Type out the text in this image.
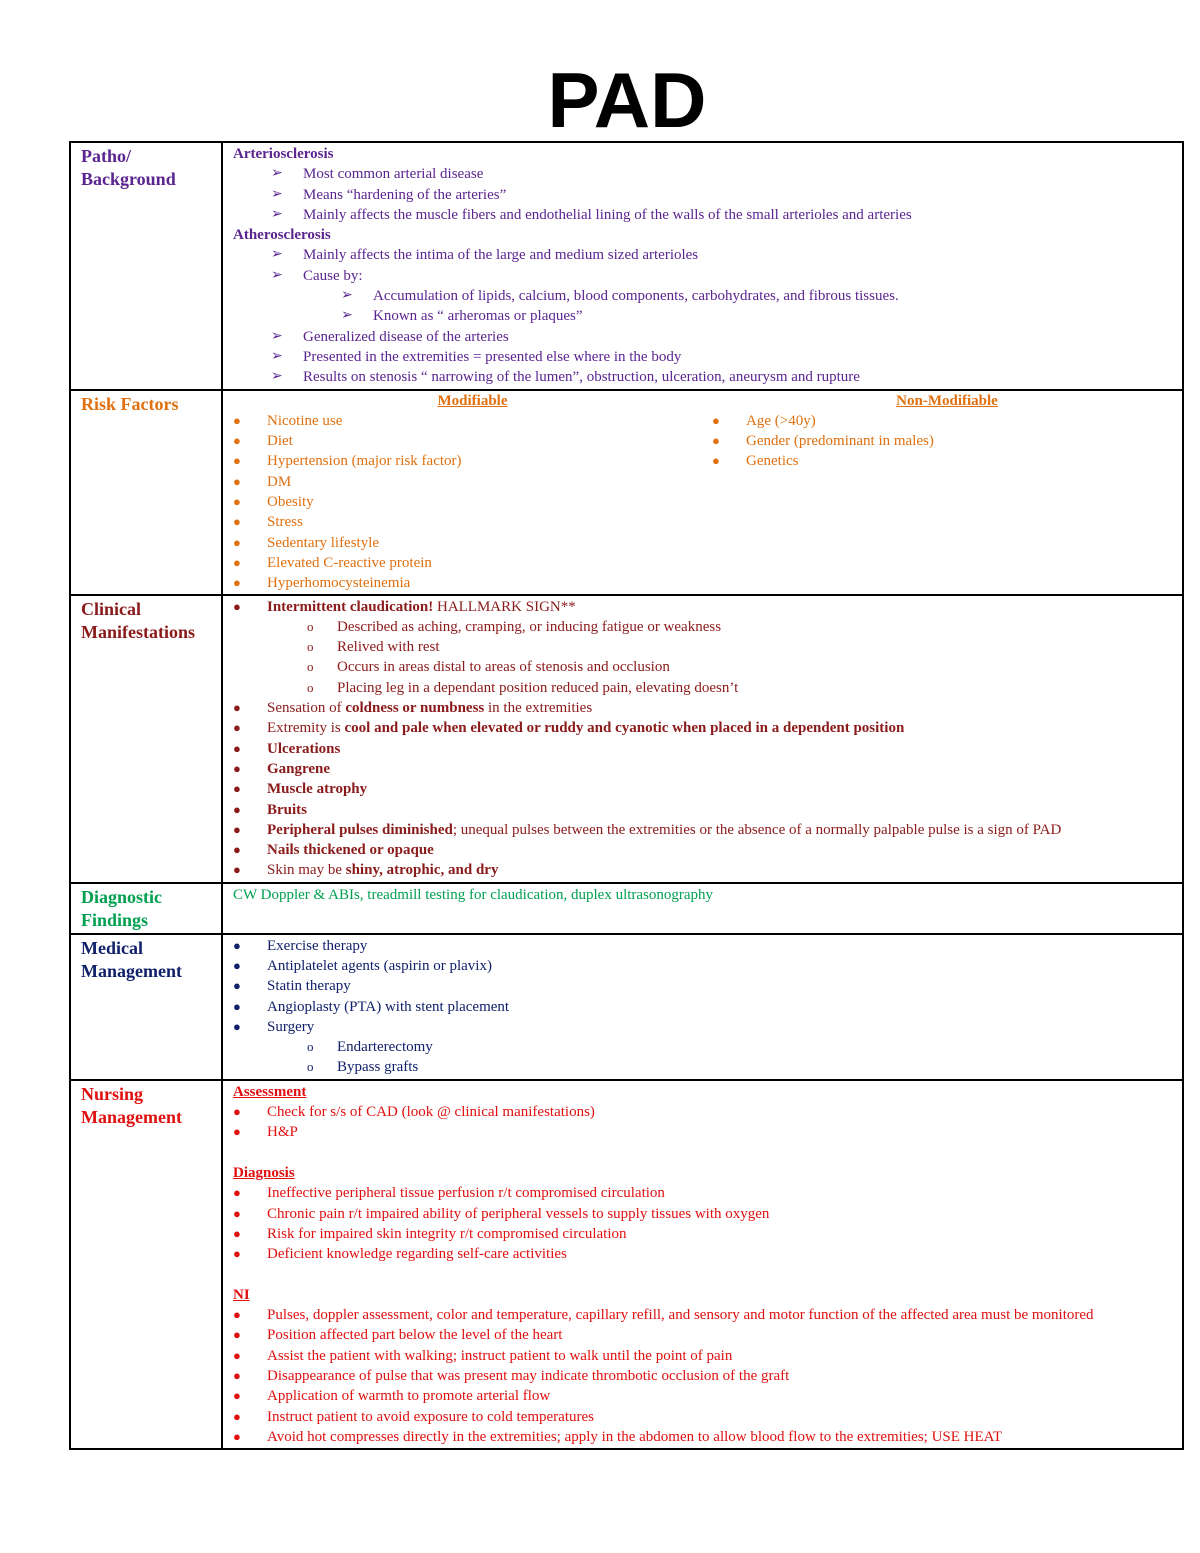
PAD
Patho/ Background	
Arteriosclerosis
➢ Most common arterial disease
➢ Means “hardening of the arteries”
➢ Mainly affects the muscle fibers and endothelial lining of the walls of the small arterioles and arteries
Atherosclerosis
➢ Mainly affects the intima of the large and medium sized arterioles
➢ Cause by:
➢ Accumulation of lipids, calcium, blood components, carbohydrates, and fibrous tissues.
➢ Known as “ arheromas or plaques”
➢ Generalized disease of the arteries
➢ Presented in the extremities = presented else where in the body
➢ Results on stenosis “ narrowing of the lumen”, obstruction, ulceration, aneurysm and rupture

Risk Factors		Modifiable
● Nicotine use
● Diet
● Hypertension (major risk factor)
● DM
● Obesity
● Stress
● Sedentary lifestyle
● Elevated C-reactive protein
● Hyperhomocysteinemia

Non-Modifiable
● Age (>40y)
● Gender (predominant in males)
● Genetics

Clinical Manifestations	
● Intermittent claudication! HALLMARK SIGN**
o Described as aching, cramping, or inducing fatigue or weakness
o Relived with rest
o Occurs in areas distal to areas of stenosis and occlusion
o Placing leg in a dependant position reduced pain, elevating doesn’t
● Sensation of coldness or numbness in the extremities
● Extremity is cool and pale when elevated or ruddy and cyanotic when placed in a dependent position
● Ulcerations
● Gangrene
● Muscle atrophy
● Bruits
● Peripheral pulses diminished; unequal pulses between the extremities or the absence of a normally palpable pulse is a sign of PAD
● Nails thickened or opaque
● Skin may be shiny, atrophic, and dry

Diagnostic Findings	
CW Doppler & ABIs, treadmill testing for claudication, duplex ultrasonography

Medical Management	
● Exercise therapy
● Antiplatelet agents (aspirin or plavix)
● Statin therapy
● Angioplasty (PTA) with stent placement
● Surgery
o Endarterectomy
o Bypass grafts

Nursing Management	
Assessment
● Check for s/s of CAD (look @ clinical manifestations)
● H&P
Diagnosis
● Ineffective peripheral tissue perfusion r/t compromised circulation
● Chronic pain r/t impaired ability of peripheral vessels to supply tissues with oxygen
● Risk for impaired skin integrity r/t compromised circulation
● Deficient knowledge regarding self-care activities
NI
● Pulses, doppler assessment, color and temperature, capillary refill, and sensory and motor function of the affected area must be monitored
● Position affected part below the level of the heart
● Assist the patient with walking; instruct patient to walk until the point of pain
● Disappearance of pulse that was present may indicate thrombotic occlusion of the graft
● Application of warmth to promote arterial flow
● Instruct patient to avoid exposure to cold temperatures
● Avoid hot compresses directly in the extremities; apply in the abdomen to allow blood flow to the extremities; USE HEAT
